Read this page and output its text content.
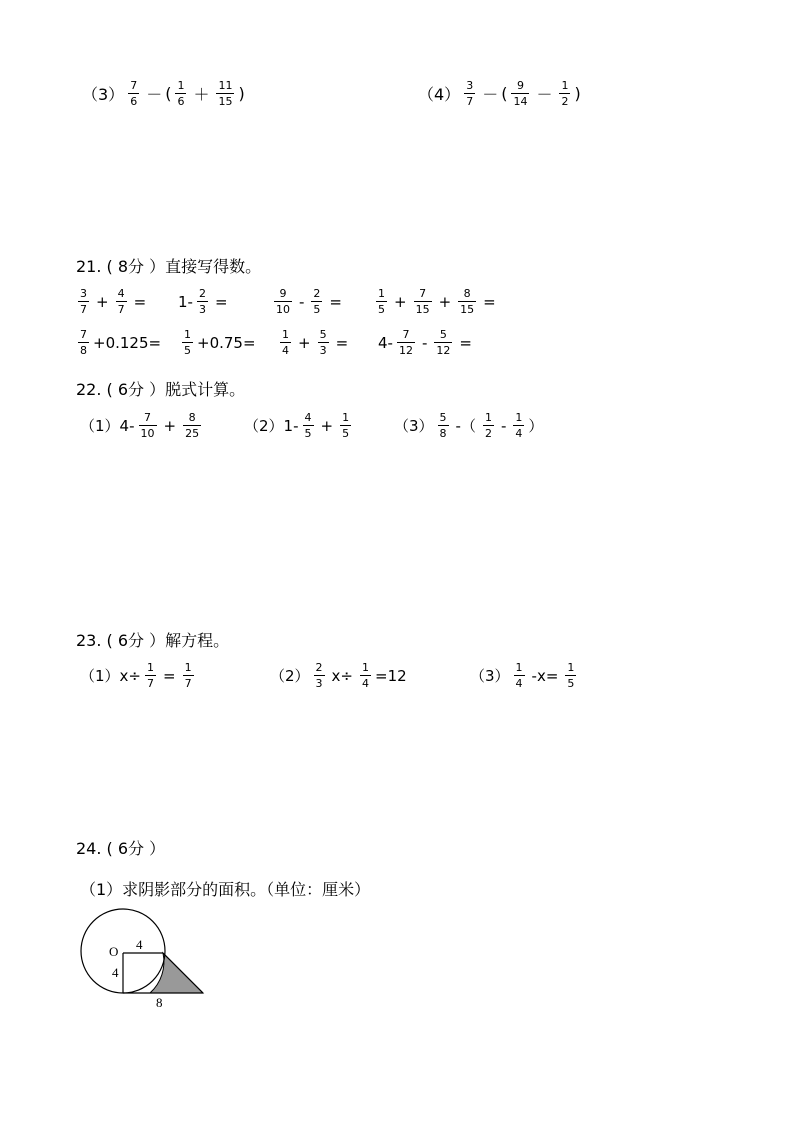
$(3) \frac{7}{6}$ － ( $\frac{1}{6} + \frac{11}{15}$ )	$(4) \frac{3}{7}$ － ( $\frac{9}{14} - \frac{1}{2}$ )
21. ( 8分 ）直接写得数。
$\frac{3}{7} + \frac{4}{7} = 1- \frac{2}{3}$ =	$\frac{9}{10} - \frac{2}{5}$ =	$\frac{1}{5} + \frac{7}{15} + \frac{8}{15}$ =
$\frac{7}{8} +0.125= \frac{1}{5} +0.75= \frac{1}{4} + \frac{5}{3} = 4- \frac{7}{12} - \frac{5}{12}$ =
22. ( 6分 ）脱式计算。
$(1)4- \frac{7}{10} + \frac{8}{25}$	$(2)1- \frac{4}{5} + \frac{1}{5}$	$(3) \frac{5}{8}$ -（ $\frac{1}{2} - \frac{1}{4}$ ）
23. ( 6分 ）解方程。
$(1)x\div \frac{1}{7} = \frac{1}{7}$	$(2) \frac{2}{3} x\div \frac{1}{4} =12$	$(3) \frac{1}{4} -x= \frac{1}{5}$
24. ( 6分 ）
（1）求阴影部分的面积。（单位：厘米）
O 4
4
8
